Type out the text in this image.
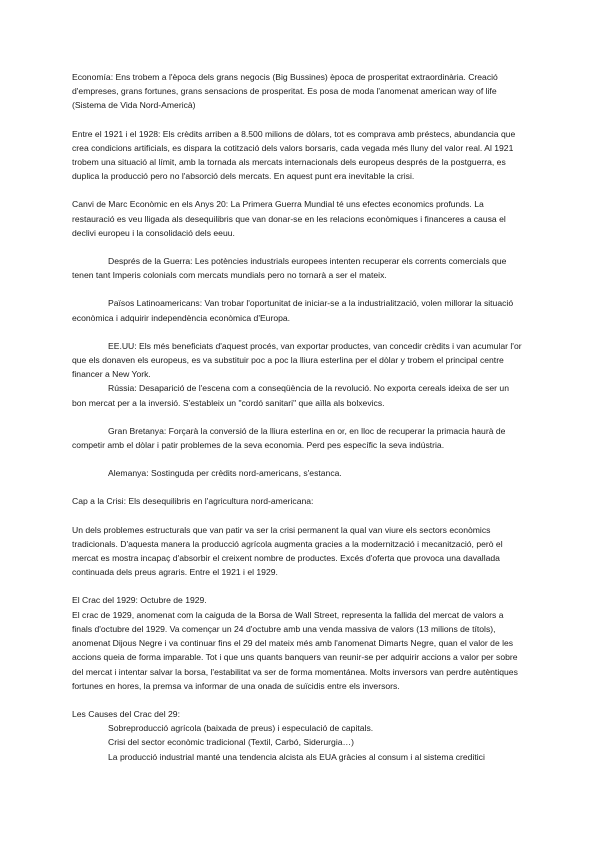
Economía: Ens trobem a l'època dels grans negocis (Big Bussines) època de prosperitat extraordinària. Creació d'empreses, grans fortunes, grans sensacions de prosperitat. Es posa de moda l'anomenat american way of life (Sistema de Vida Nord-Americà)

Entre el 1921 i el 1928: Els crèdits arriben a 8.500 milions de dòlars, tot es comprava amb préstecs, abundancia que crea condicions artificials, es dispara la cotització dels valors borsaris, cada vegada més lluny del valor real. Al 1921 trobem una situació al límit, amb la tornada als mercats internacionals dels europeus després de la postguerra, es duplica la producció pero no l'absorció dels mercats. En aquest punt era inevitable la crisi.

Canvi de Marc Econòmic en els Anys 20: La Primera Guerra Mundial té uns efectes economics profunds. La restauració es veu lligada als desequilibris que van donar-se en les relacions econòmiques i financeres a causa el declivi europeu i la consolidació dels eeuu.

Després de la Guerra: Les potències industrials europees intenten recuperar els corrents comercials que tenen tant Imperis colonials com mercats mundials pero no tornarà a ser el mateix.

Països Latinoamericans: Van trobar l'oportunitat de iniciar-se a la industrialització, volen millorar la situació econòmica i adquirir independència econòmica d'Europa.

EE.UU: Els més beneficiats d'aquest procés, van exportar productes, van concedir crèdits i van acumular l'or que els donaven els europeus, es va substituir poc a poc la lliura esterlina per el dòlar y trobem el principal centre financer a New York.

Rússia: Desaparició de l'escena com a conseqüència de la revolució. No exporta cereals ideixa de ser un bon mercat per a la inversió. S'estableix un "cordó sanitari" que aïlla als bolxevics.

Gran Bretanya: Forçarà la conversió de la lliura esterlina en or, en lloc de recuperar la primacia haurà de competir amb el dòlar i patir problemes de la seva economia. Perd pes específic la seva indústria.

Alemanya: Sostinguda per crèdits nord-americans, s'estanca.

Cap a la Crisi: Els desequilibris en l'agricultura nord-americana:

Un dels problemes estructurals que van patir va ser la crisi permanent la qual van viure els sectors econòmics tradicionals. D'aquesta manera la producció agrícola augmenta gracies a la modernització i mecanització, però el mercat es mostra incapaç d'absorbir el creixent nombre de productes. Excés d'oferta que provoca una davallada continuada dels preus agraris. Entre el 1921 i el 1929.

El Crac del 1929: Octubre de 1929.

El crac de 1929, anomenat com la caiguda de la Borsa de Wall Street, representa la fallida del mercat de valors a finals d'octubre del 1929. Va començar un 24 d'octubre amb una venda massiva de valors (13 milions de títols), anomenat Dijous Negre i va continuar fins el 29 del mateix més amb l'anomenat Dimarts Negre, quan el valor de les accions queia de forma imparable. Tot i que uns quants banquers van reunir-se per adquirir accions a valor per sobre del mercat i intentar salvar la borsa, l'estabilitat va ser de forma momentánea. Molts inversors van perdre autèntiques fortunes en hores, la premsa va informar de una onada de suïcidis entre els inversors.

Les Causes del Crac del 29:

Sobreproducció agrícola (baixada de preus) i especulació de capitals.
Crisi del sector econòmic tradicional (Textil, Carbó, Siderurgia…)
La producció industrial manté una tendencia alcista als EUA gràcies al consum i al sistema creditici
